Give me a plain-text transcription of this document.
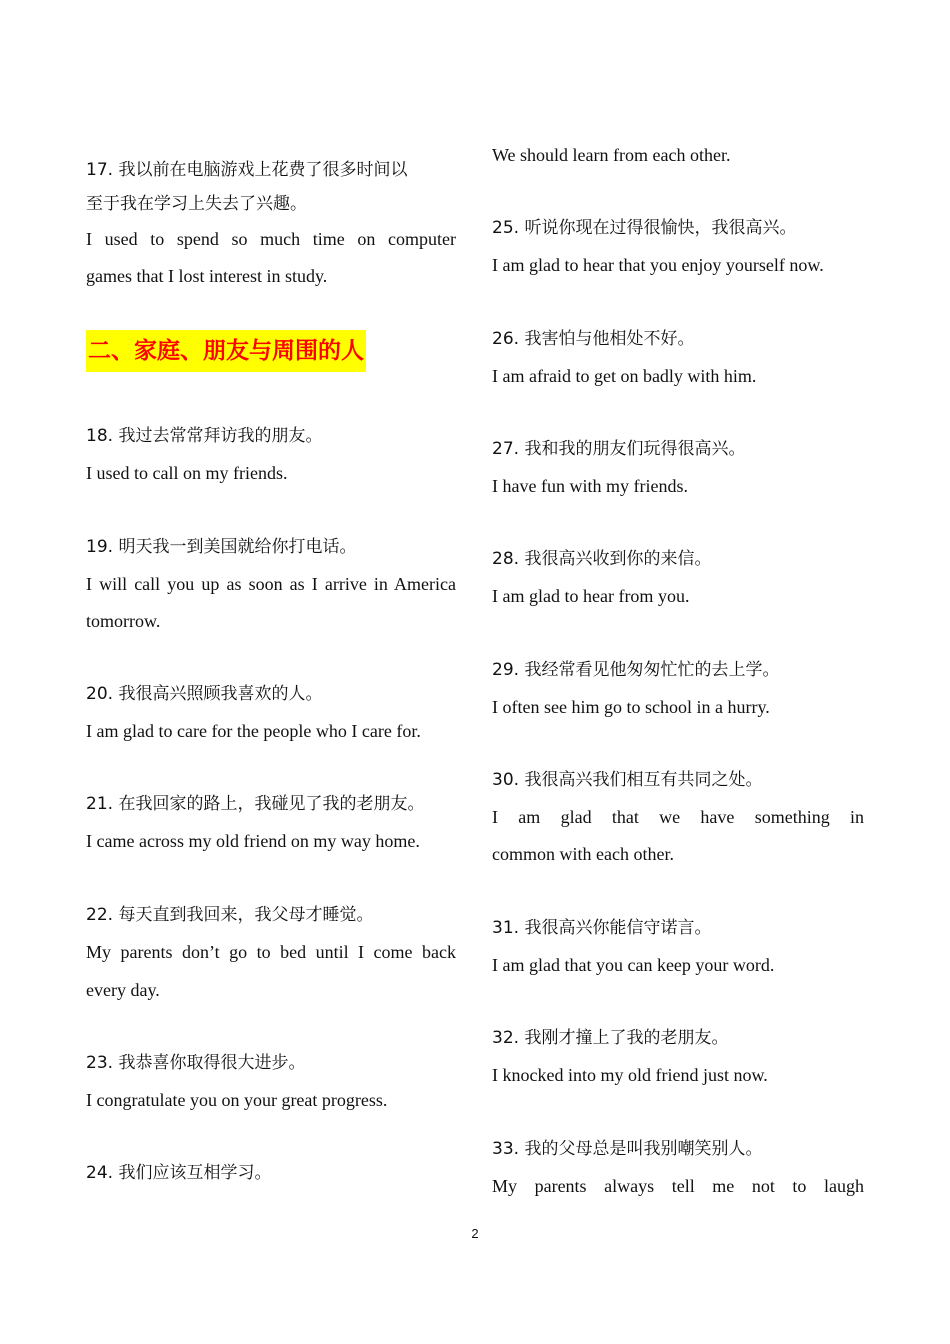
17. 我以前在电脑游戏上花费了很多时间以
至于我在学习上失去了兴趣。
I used to spend so much time on computer
games that I lost interest in study.
二、家庭、朋友与周围的人
18. 我过去常常拜访我的朋友。
I used to call on my friends.
19. 明天我一到美国就给你打电话。
I will call you up as soon as I arrive in America
tomorrow.
20. 我很高兴照顾我喜欢的人。
I am glad to care for the people who I care for.
21. 在我回家的路上，我碰见了我的老朋友。
I came across my old friend on my way home.
22. 每天直到我回来，我父母才睡觉。
My parents don’t go to bed until I come back
every day.
23. 我恭喜你取得很大进步。
I congratulate you on your great progress.
24. 我们应该互相学习。
We should learn from each other.
25. 听说你现在过得很愉快，我很高兴。
I am glad to hear that you enjoy yourself now.
26. 我害怕与他相处不好。
I am afraid to get on badly with him.
27. 我和我的朋友们玩得很高兴。
I have fun with my friends.
28. 我很高兴收到你的来信。
I am glad to hear from you.
29. 我经常看见他匆匆忙忙的去上学。
I often see him go to school in a hurry.
30. 我很高兴我们相互有共同之处。
I am glad that we have something in
common with each other.
31. 我很高兴你能信守诺言。
I am glad that you can keep your word.
32. 我刚才撞上了我的老朋友。
I knocked into my old friend just now.
33. 我的父母总是叫我别嘲笑别人。
My parents always tell me not to laugh
2
